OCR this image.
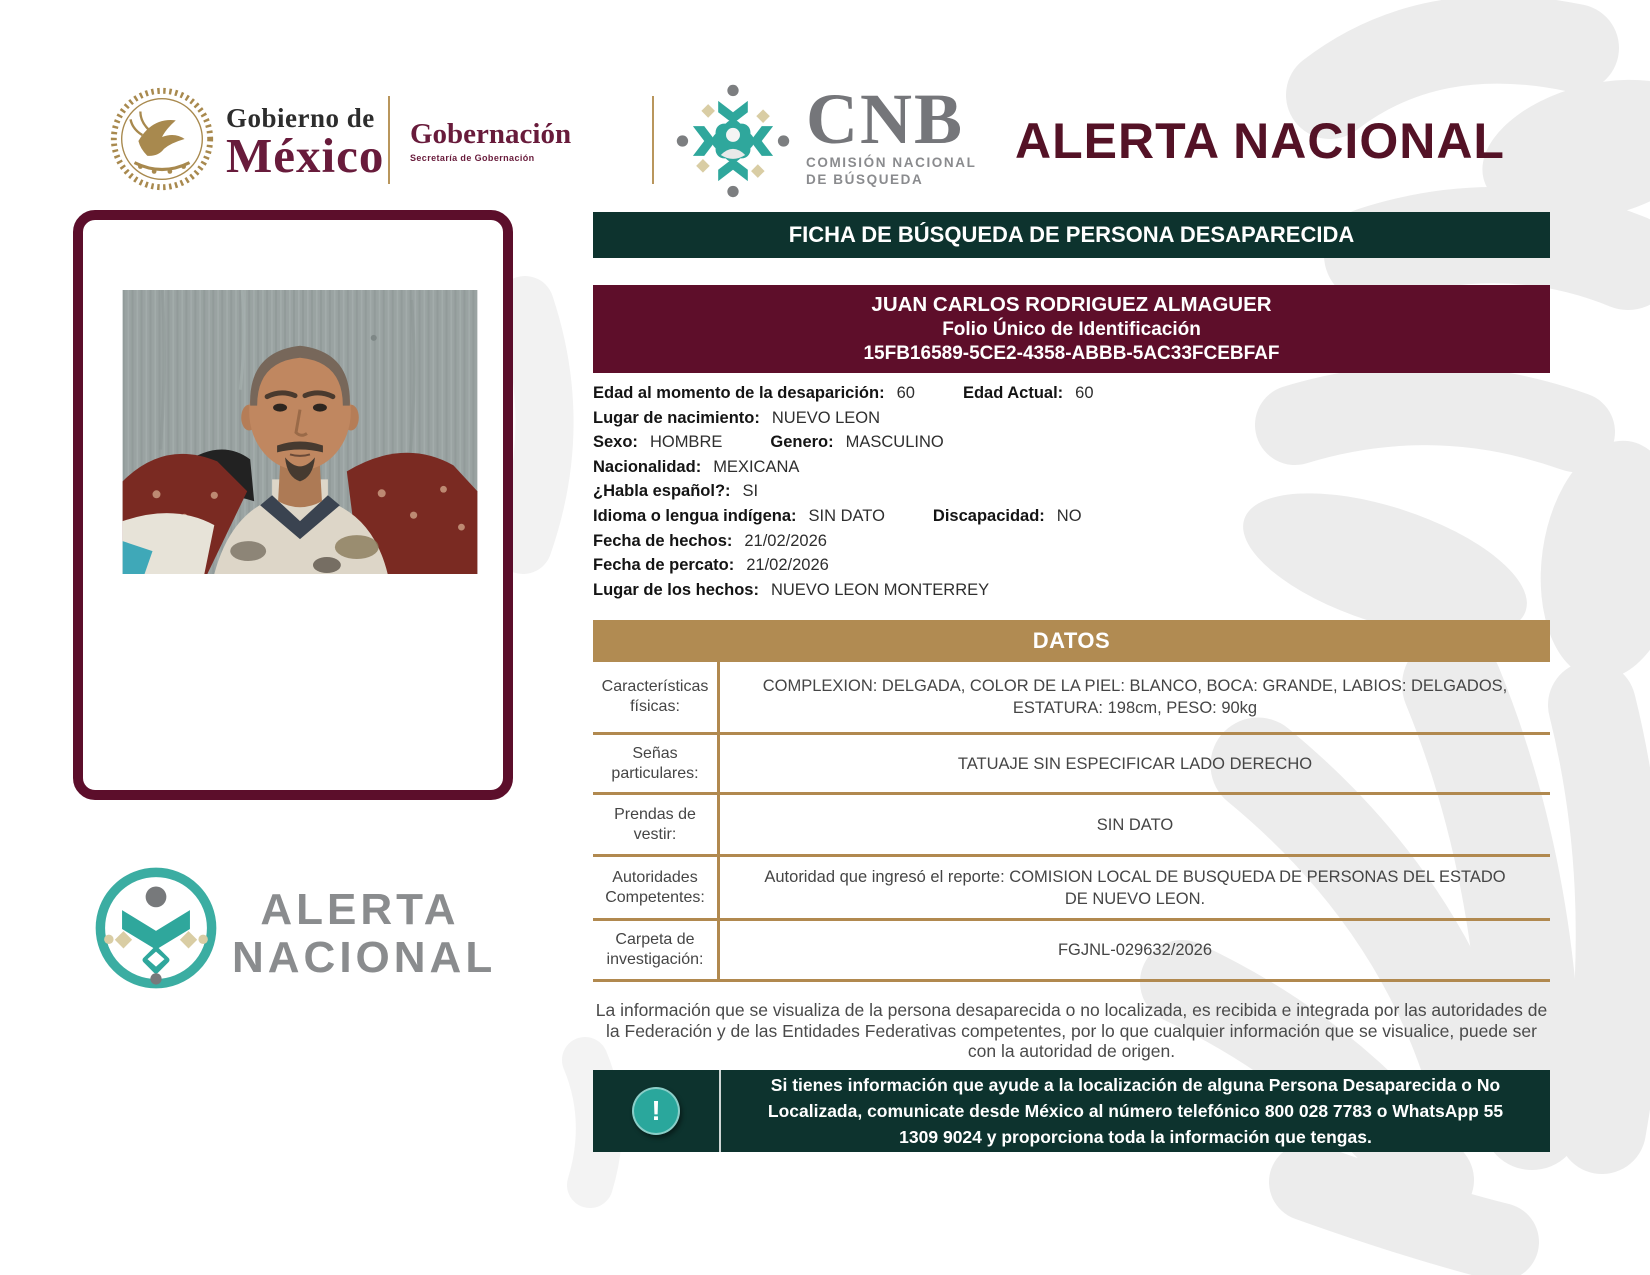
Gobierno de
México Gobernación
Secretaría de Gobernación	CNB
COMISIÓN NACIONAL
DE BÚSQUEDA
ALERTA NACIONAL
ALERTA
NACIONAL
FICHA DE BÚSQUEDA DE PERSONA DESAPARECIDA
JUAN CARLOS RODRIGUEZ ALMAGUER
Folio Único de Identificación
15FB16589-5CE2-4358-ABBB-5AC33FCEBFAF
Edad al momento de la desaparición: 60	Edad Actual: 60
Lugar de nacimiento: NUEVO LEON
Sexo: HOMBRE	Genero: MASCULINO
Nacionalidad: MEXICANA
¿Habla español?: SI
Idioma o lengua indígena: SIN DATO	Discapacidad: NO
Fecha de hechos: 21/02/2026
Fecha de percato: 21/02/2026
Lugar de los hechos: NUEVO LEON MONTERREY
DATOS
Características físicas:
COMPLEXION: DELGADA, COLOR DE LA PIEL: BLANCO, BOCA: GRANDE, LABIOS: DELGADOS, ESTATURA: 198cm, PESO: 90kg
Señas particulares:
TATUAJE SIN ESPECIFICAR LADO DERECHO
Prendas de vestir:
SIN DATO
Autoridades Competentes:
Autoridad que ingresó el reporte: COMISION LOCAL DE BUSQUEDA DE PERSONAS DEL ESTADO DE NUEVO LEON.
Carpeta de investigación:
FGJNL-029632/2026
La información que se visualiza de la persona desaparecida o no localizada, es recibida e integrada por las autoridades de la Federación y de las Entidades Federativas competentes, por lo que cualquier información que se visualice, puede ser con la autoridad de origen.
!
Si tienes información que ayude a la localización de alguna Persona Desaparecida o No Localizada, comunicate desde México al número telefónico 800 028 7783 o WhatsApp 55 1309 9024 y proporciona toda la información que tengas.
